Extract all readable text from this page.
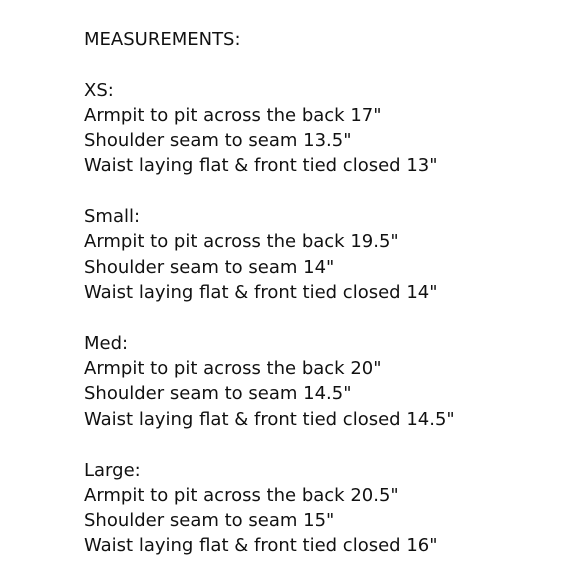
MEASUREMENTS:
XS:
Armpit to pit across the back 17"
Shoulder seam to seam 13.5"
Waist laying flat & front tied closed 13"
Small:
Armpit to pit across the back 19.5"
Shoulder seam to seam 14"
Waist laying flat & front tied closed 14"
Med:
Armpit to pit across the back 20"
Shoulder seam to seam 14.5"
Waist laying flat & front tied closed 14.5"
Large:
Armpit to pit across the back 20.5"
Shoulder seam to seam 15"
Waist laying flat & front tied closed 16"
